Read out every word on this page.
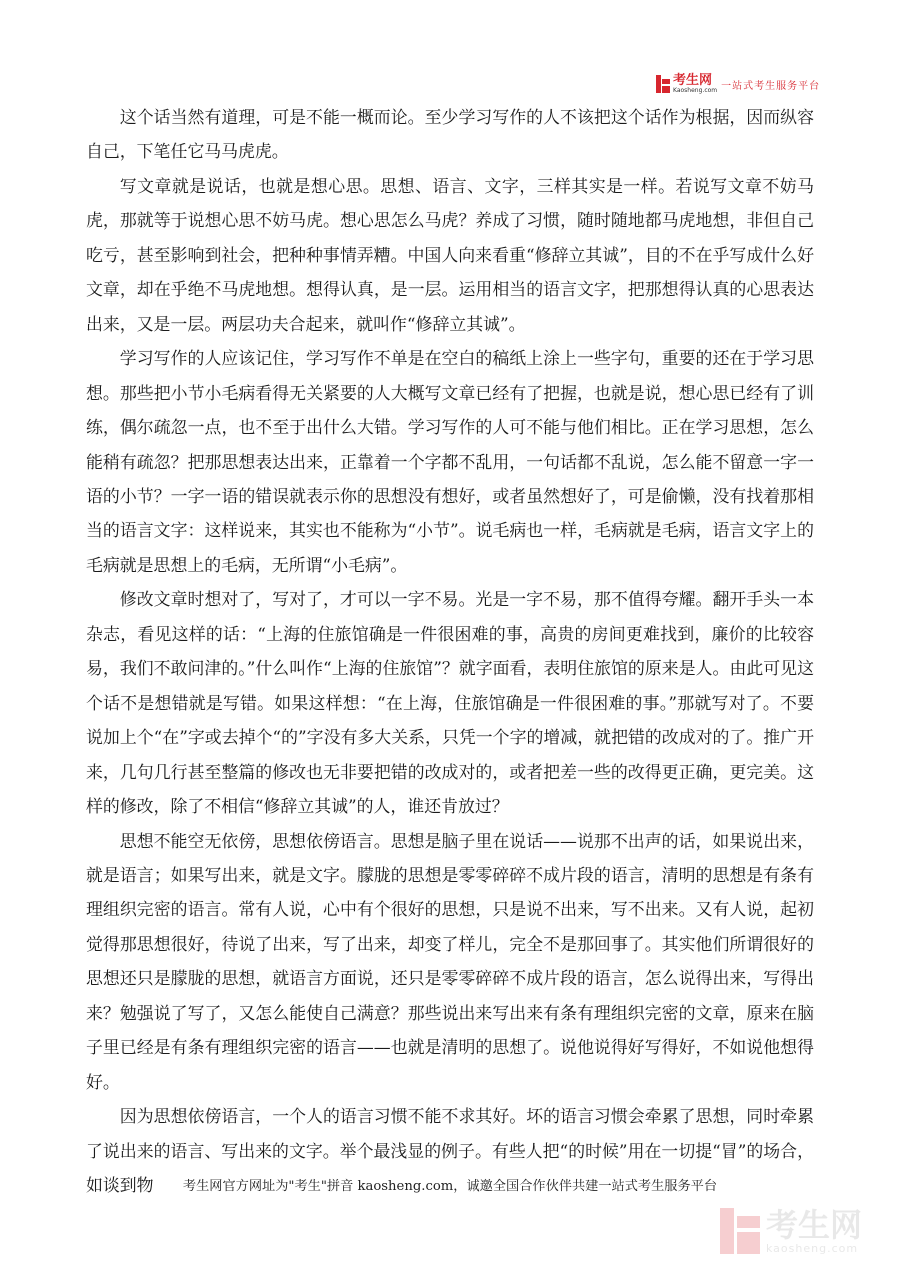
考生网
Kaosheng.com 一站式考生服务平台

这个话当然有道理，可是不能一概而论。至少学习写作的人不该把这个话作为根据，因而纵容自己，下笔任它马马虎虎。

写文章就是说话，也就是想心思。思想、语言、文字，三样其实是一样。若说写文章不妨马虎，那就等于说想心思不妨马虎。想心思怎么马虎？养成了习惯，随时随地都马虎地想，非但自己吃亏，甚至影响到社会，把种种事情弄糟。中国人向来看重“修辞立其诚”，目的不在乎写成什么好文章，却在乎绝不马虎地想。想得认真，是一层。运用相当的语言文字，把那想得认真的心思表达出来，又是一层。两层功夫合起来，就叫作“修辞立其诚”。

学习写作的人应该记住，学习写作不单是在空白的稿纸上涂上一些字句，重要的还在于学习思想。那些把小节小毛病看得无关紧要的人大概写文章已经有了把握，也就是说，想心思已经有了训练，偶尔疏忽一点，也不至于出什么大错。学习写作的人可不能与他们相比。正在学习思想，怎么能稍有疏忽？把那思想表达出来，正靠着一个字都不乱用，一句话都不乱说，怎么能不留意一字一语的小节？一字一语的错误就表示你的思想没有想好，或者虽然想好了，可是偷懒，没有找着那相当的语言文字：这样说来，其实也不能称为“小节”。说毛病也一样，毛病就是毛病，语言文字上的毛病就是思想上的毛病，无所谓“小毛病”。

修改文章时想对了，写对了，才可以一字不易。光是一字不易，那不值得夸耀。翻开手头一本杂志，看见这样的话：“上海的住旅馆确是一件很困难的事，高贵的房间更难找到，廉价的比较容易，我们不敢问津的。”什么叫作“上海的住旅馆”？就字面看，表明住旅馆的原来是人。由此可见这个话不是想错就是写错。如果这样想：“在上海，住旅馆确是一件很困难的事。”那就写对了。不要说加上个“在”字或去掉个“的”字没有多大关系，只凭一个字的增减，就把错的改成对的了。推广开来，几句几行甚至整篇的修改也无非要把错的改成对的，或者把差一些的改得更正确，更完美。这样的修改，除了不相信“修辞立其诚”的人，谁还肯放过？

思想不能空无依傍，思想依傍语言。思想是脑子里在说话——说那不出声的话，如果说出来，就是语言；如果写出来，就是文字。朦胧的思想是零零碎碎不成片段的语言，清明的思想是有条有理组织完密的语言。常有人说，心中有个很好的思想，只是说不出来，写不出来。又有人说，起初觉得那思想很好，待说了出来，写了出来，却变了样儿，完全不是那回事了。其实他们所谓很好的思想还只是朦胧的思想，就语言方面说，还只是零零碎碎不成片段的语言，怎么说得出来，写得出来？勉强说了写了，又怎么能使自己满意？那些说出来写出来有条有理组织完密的文章，原来在脑子里已经是有条有理组织完密的语言——也就是清明的思想了。说他说得好写得好，不如说他想得好。

因为思想依傍语言，一个人的语言习惯不能不求其好。坏的语言习惯会牵累了思想，同时牵累了说出来的语言、写出来的文字。举个最浅显的例子。有些人把“的时候”用在一切提“冒”的场合，如谈到物	考生网官方网址为"考生"拼音 kaosheng.com，诚邀全国合作伙伴共建一站式考生服务平台
考生网
kaosheng.com
